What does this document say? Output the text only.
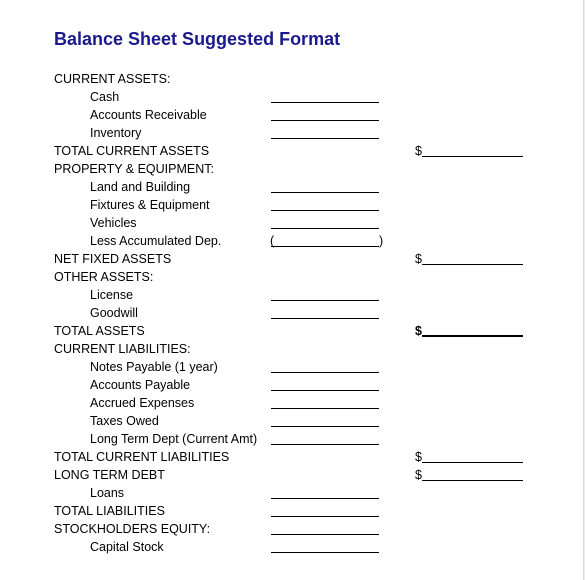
Balance Sheet Suggested Format
CURRENT ASSETS:
Cash
Accounts Receivable
Inventory
TOTAL CURRENT ASSETS	$
PROPERTY & EQUIPMENT:
Land and Building
Fixtures & Equipment
Vehicles
Less Accumulated Dep.	(	)
NET FIXED ASSETS	$
OTHER ASSETS:
License
Goodwill
TOTAL ASSETS	$
CURRENT LIABILITIES:
Notes Payable (1 year)
Accounts Payable
Accrued Expenses
Taxes Owed
Long Term Dept (Current Amt)
TOTAL CURRENT LIABILITIES	$
LONG TERM DEBT	$
Loans
TOTAL LIABILITIES
STOCKHOLDERS EQUITY:
Capital Stock
